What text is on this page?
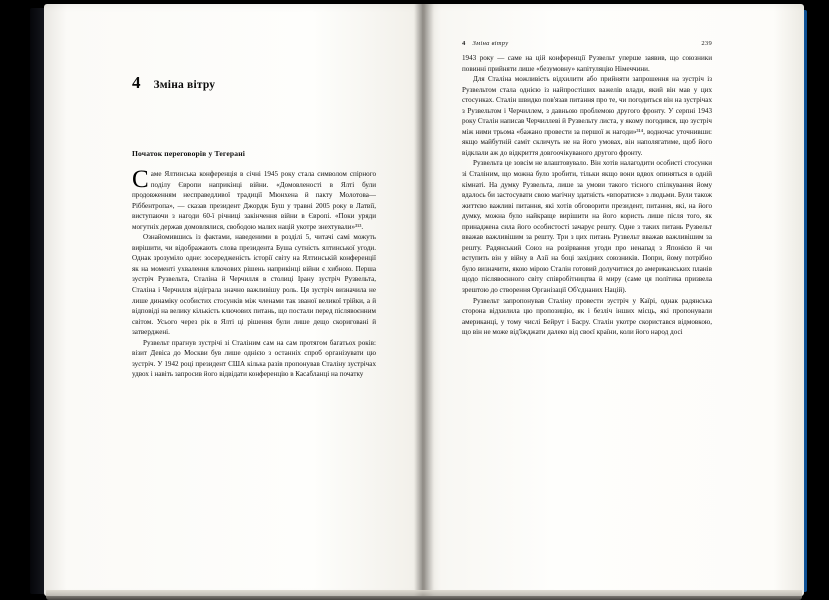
4 Зміна вітру
Початок переговорів у Тегерані

Саме Ялтинська конференція в січні 1945 року стала символом спірного поділу Європи наприкінці війни. «Домовленості в Ялті були продовженням несправедливої традиції Мюнхена й пакту Молотова—Ріббентропа», — сказав президент Джордж Буш у травні 2005 року в Латвії, виступаючи з нагоди 60-ї річниці закінчення війни в Європі. «Поки уряди могутніх держав домовлялися, свободою малих націй укотре знехтували»³¹³.

Ознайомившись із фактами, наведеними в розділі 5, читачі самі можуть вирішити, чи відображають слова президента Буша сутність ялтинської угоди. Однак зрозуміло одне: зосередженість історії світу на Ялтинській конференції як на моменті ухвалення ключових рішень наприкінці війни є хибною. Перша зустріч Рузвельта, Сталіна й Черчилля в столиці Ірану зустріч Рузвельта, Сталіна і Черчилля відіграла значно важливішу роль. Ця зустріч визначила не лише динаміку особистих стосунків між членами так званої великої трійки, а й відповіді на велику кількість ключових питань, що постали перед післявоєнним світом. Усього через рік в Ялті ці рішення були лише дещо скориговані й затверджені.

Рузвельт прагнув зустрічі зі Сталіним сам на сам протягом багатьох років: візит Девіса до Москви був лише однією з останніх спроб організувати цю зустріч. У 1942 році президент США кілька разів пропонував Сталіну зустрічах удвох і навіть запросив його відвідати конференцію в Касабланці на початку

4 Зміна вітру	239

1943 року — саме на цій конференції Рузвельт уперше заявив, що союзники повинні прийняти лише «безумовну» капітуляцію Німеччини.

Для Сталіна можливість відхилити або прийняти запрошення на зустріч із Рузвельтом стала однією із найпростіших важелів влади, який він мав у цих стосунках. Сталін швидко пов'язав питання про те, чи погодиться він на зустрічах з Рузвельтом і Черчиллем, з давньою проблемою другого фронту. У серпні 1943 року Сталін написав Черчиллеві й Рузвельту листа, у якому погодився, що зустріч між ними трьома «бажано провести за першої ж нагоди»³¹⁴, водночас уточнивши: якщо майбутній саміт скличуть не на його умовах, він наполягатиме, щоб його відклали аж до відкриття довгоочікуваного другого фронту.

Рузвельта це зовсім не влаштовувало. Він хотів налагодити особисті стосунки зі Сталіним, що можна було зробити, тільки якщо вони вдвох опиняться в одній кімнаті. На думку Рузвельта, лише за умови такого тісного спілкування йому вдалось би застосувати свою магічну здатність «впоратися» з людьми. Були також життєво важливі питання, які хотів обговорити президент, питання, які, на його думку, можна було найкраще вирішити на його користь лише після того, як принаджена сила його особистості зачарує решту. Одне з таких питань Рузвельт вважав важливішим за решту. Три з цих питань Рузвельт вважав важливішим за решту. Радянський Союз на розірвання угоди про ненапад з Японією й чи вступить він у війну в Азії на боці західних союзників. Попри, йому потрібно було визначити, якою мірою Сталін готовий долучитися до американських планів щодо післявоєнного світу співробітництва й миру (саме ця політика призвела зрештою до створення Організації Об'єднаних Націй).

Рузвельт запропонував Сталіну провести зустріч у Каїрі, однак радянська сторона відхилила цю пропозицію, як і безліч інших місць, які пропонували американці, у тому числі Бейрут і Басру. Сталін укотре скористався відмовкою, що він не може від'їжджати далеко від своєї країни, коли його народ досі
